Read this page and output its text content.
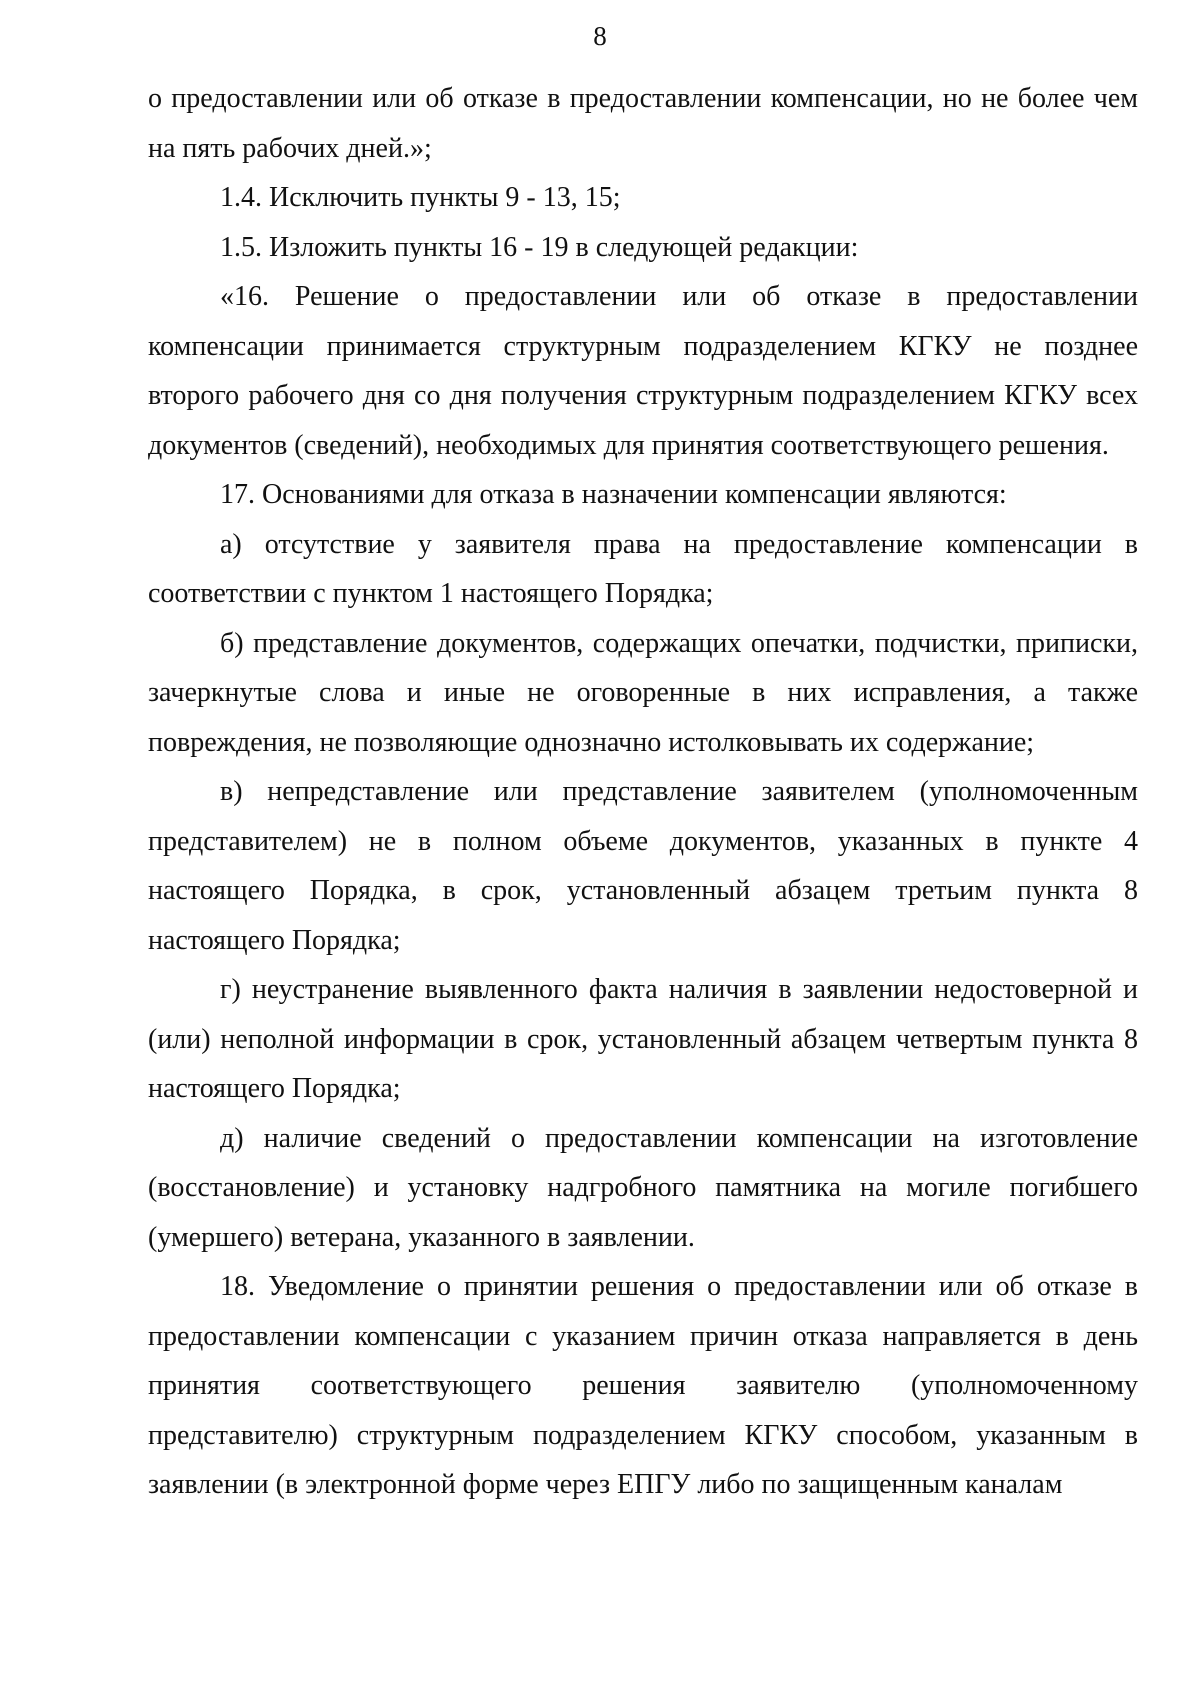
8

о предоставлении или об отказе в предоставлении компенсации, но не более чем на пять рабочих дней.»;

1.4. Исключить пункты 9 - 13, 15;

1.5. Изложить пункты 16 - 19 в следующей редакции:

«16. Решение о предоставлении или об отказе в предоставлении компенсации принимается структурным подразделением КГКУ не позднее второго рабочего дня со дня получения структурным подразделением КГКУ всех документов (сведений), необходимых для принятия соответствующего решения.

17. Основаниями для отказа в назначении компенсации являются:

а) отсутствие у заявителя права на предоставление компенсации в соответствии с пунктом 1 настоящего Порядка;

б) представление документов, содержащих опечатки, подчистки, приписки, зачеркнутые слова и иные не оговоренные в них исправления, а также повреждения, не позволяющие однозначно истолковывать их содержание;

в) непредставление или представление заявителем (уполномоченным представителем) не в полном объеме документов, указанных в пункте 4 настоящего Порядка, в срок, установленный абзацем третьим пункта 8 настоящего Порядка;

г) неустранение выявленного факта наличия в заявлении недостоверной и (или) неполной информации в срок, установленный абзацем четвертым пункта 8 настоящего Порядка;

д) наличие сведений о предоставлении компенсации на изготовление (восстановление) и установку надгробного памятника на могиле погибшего (умершего) ветерана, указанного в заявлении.

18. Уведомление о принятии решения о предоставлении или об отказе в предоставлении компенсации с указанием причин отказа направляется в день принятия соответствующего решения заявителю (уполномоченному представителю) структурным подразделением КГКУ способом, указанным в заявлении (в электронной форме через ЕПГУ либо по защищенным каналам
